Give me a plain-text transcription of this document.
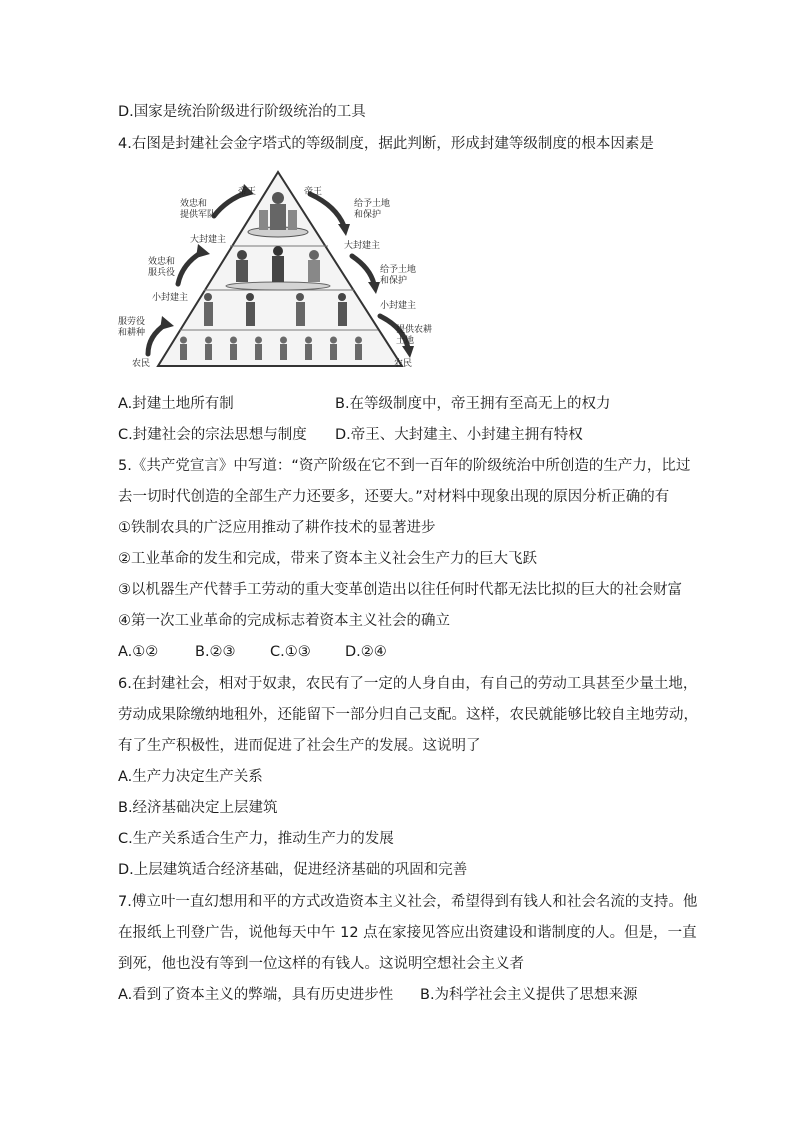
D.国家是统治阶级进行阶级统治的工具
4.右图是封建社会金字塔式的等级制度，据此判断，形成封建等级制度的根本因素是
帝王
效忠和
提供军队
大封建主
效忠和
服兵役
小封建主
服劳役
和耕种
农民
帝王
给予土地
和保护
大封建主
给予土地
和保护
小封建主
提供农耕
土地
农民
A.封建土地所有制	B.在等级制度中，帝王拥有至高无上的权力
C.封建社会的宗法思想与制度 D.帝王、大封建主、小封建主拥有特权
5.《共产党宣言》中写道：“资产阶级在它不到一百年的阶级统治中所创造的生产力，比过
去一切时代创造的全部生产力还要多，还要大。”对材料中现象出现的原因分析正确的有
①铁制农具的广泛应用推动了耕作技术的显著进步
②工业革命的发生和完成，带来了资本主义社会生产力的巨大飞跃
③以机器生产代替手工劳动的重大变革创造出以往任何时代都无法比拟的巨大的社会财富
④第一次工业革命的完成标志着资本主义社会的确立
A.①②	B.②③ C.①③ D.②④
6.在封建社会，相对于奴隶，农民有了一定的人身自由，有自己的劳动工具甚至少量土地，
劳动成果除缴纳地租外，还能留下一部分归自己支配。这样，农民就能够比较自主地劳动，
有了生产积极性，进而促进了社会生产的发展。这说明了
A.生产力决定生产关系
B.经济基础决定上层建筑
C.生产关系适合生产力，推动生产力的发展
D.上层建筑适合经济基础，促进经济基础的巩固和完善
7.傅立叶一直幻想用和平的方式改造资本主义社会，希望得到有钱人和社会名流的支持。他
在报纸上刊登广告，说他每天中午 12 点在家接见答应出资建设和谐制度的人。但是，一直
到死，他也没有等到一位这样的有钱人。这说明空想社会主义者
A.看到了资本主义的弊端，具有历史进步性 B.为科学社会主义提供了思想来源
